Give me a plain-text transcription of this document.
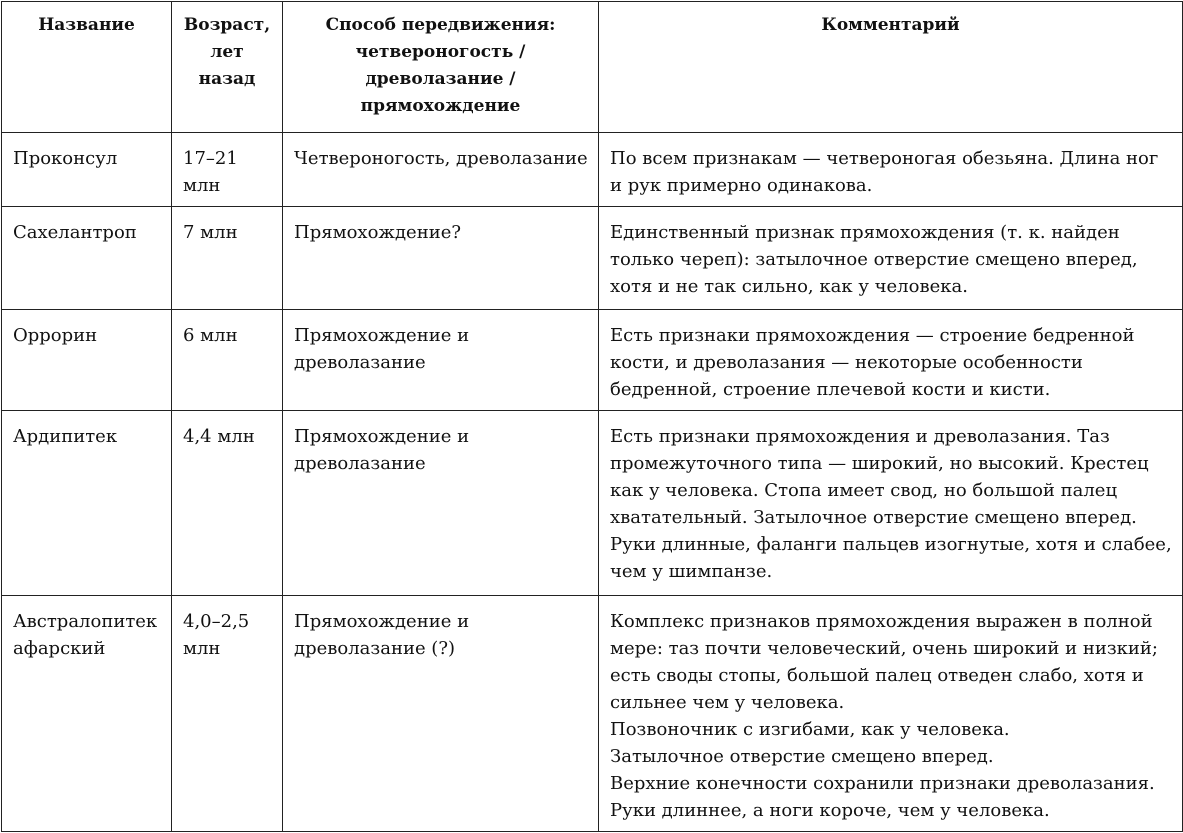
Название	Возраст, лет назад	Способ передвижения: четвероногость / древолазание / прямохождение	Комментарий
Проконсул	17–21 млн	Четвероногость, древолазание	По всем признакам — четвероногая обезьяна. Длина ног и рук примерно одинакова.
Сахелантроп	7 млн	Прямохождение?	Единственный признак прямохождения (т. к. найден только череп): затылочное отверстие смещено вперед, хотя и не так сильно, как у человека.
Оррорин	6 млн	Прямохождение и древолазание	Есть признаки прямохождения — строение бедренной кости, и древолазания — некоторые особенности бедренной, строение плечевой кости и кисти.
Ардипитек	4,4 млн	Прямохождение и древолазание	Есть признаки прямохождения и древолазания. Таз промежуточного типа — широкий, но высокий. Крестец как у человека. Стопа имеет свод, но большой палец хватательный. Затылочное отверстие смещено вперед. Руки длинные, фаланги пальцев изогнутые, хотя и слабее, чем у шимпанзе.
Австралопитек афарский	4,0–2,5 млн	Прямохождение и древолазание (?)	Комплекс признаков прямохождения выражен в полной мере: таз почти человеческий, очень широкий и низкий; есть своды стопы, большой палец отведен слабо, хотя и сильнее чем у человека.
Позвоночник с изгибами, как у человека.
Затылочное отверстие смещено вперед.
Верхние конечности сохранили признаки древолазания.
Руки длиннее, а ноги короче, чем у человека.
